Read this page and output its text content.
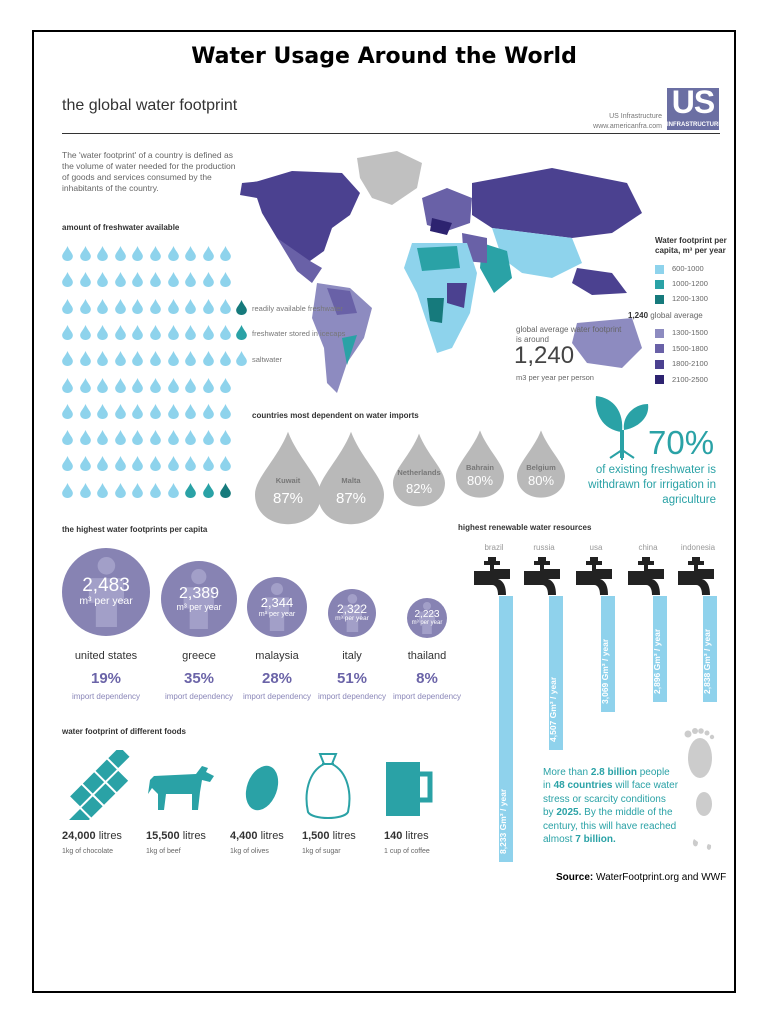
Water Usage Around the World
the global water footprint
US Infrastructure
www.americanfra.com
US
INFRASTRUCTURE
The 'water footprint' of a country is defined as the volume of water needed for the production of goods and services consumed by the inhabitants of the country.
Water footprint per capita, m³ per year
global average water footprint is around
1,240
m3 per year per person
amount of freshwater available
readily available freshwater
freshwater stored in icecaps
saltwater
countries most dependent on water imports
70%
of existing freshwater is withdrawn for irrigation in agriculture
the highest water footprints per capita
water footprint of different foods
highest renewable water resources
More than 2.8 billion people
in 48 countries will face water
stress or scarcity conditions
by 2025. By the middle of the
century, this will have reached
almost 7 billion.
Source: WaterFootprint.org and WWF
600-1000
1000-1200
1200-1300
1,240 global average
1300-1500
1500-1800
1800-2100
2100-2500
Kuwait
87%
Malta
87%
Netherlands
82%
Bahrain
80%
Belgium
80%
2,483
m³ per year
united states
19%
import dependency
2,389
m³ per year
greece
35%
import dependency
2,344
m³ per year
malaysia
28%
import dependency
2,322
m³ per year
italy
51%
import dependency
2,223
m³ per year
thailand
8%
import dependency
24,000 litres
1kg of chocolate
15,500 litres
1kg of beef
4,400 litres
1kg of olives
1,500 litres
1kg of sugar
140 litres
1 cup of coffee
brazil
8,233 Gm³ / year
russia
4,507 Gm³ / year
usa
3,069 Gm³ / year
china
2,896 Gm³ / year
indonesia
2,838 Gm³ / year
